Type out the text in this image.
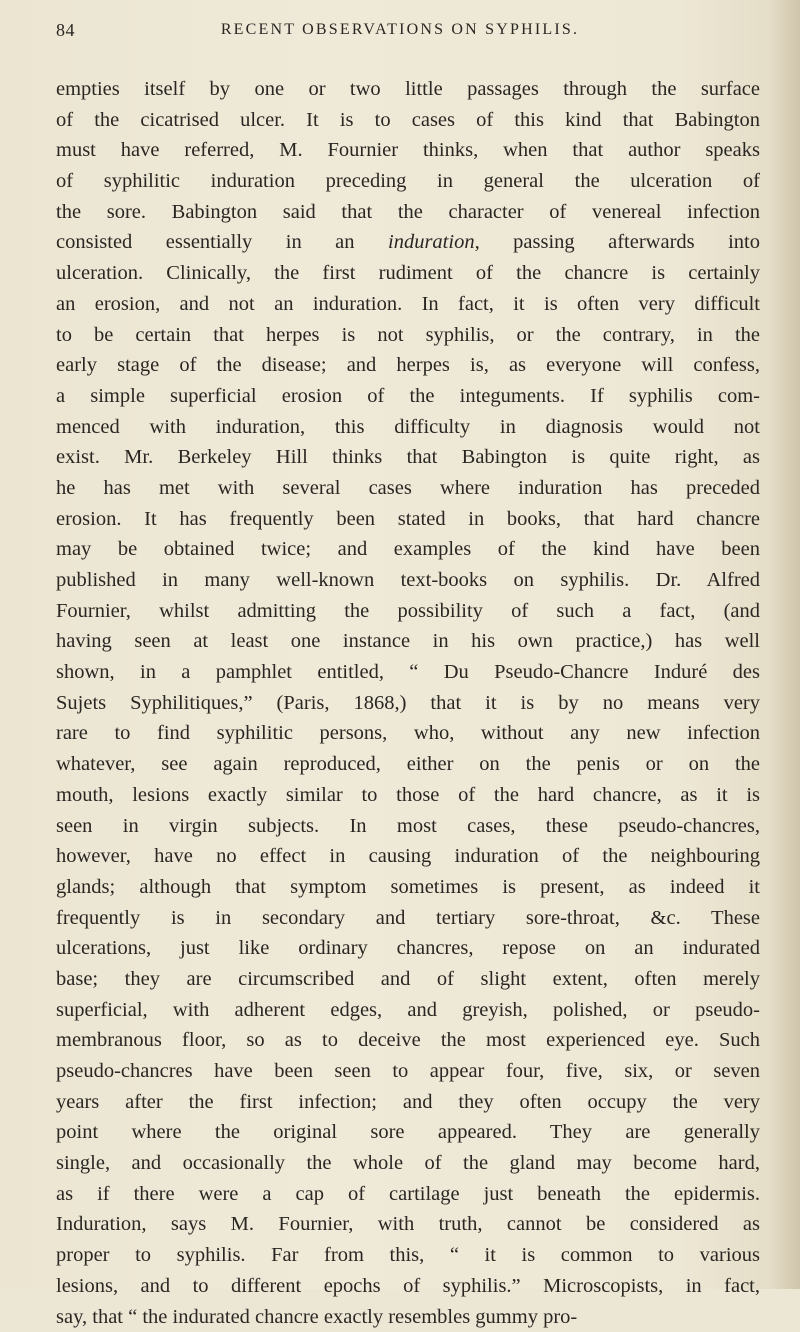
84	RECENT OBSERVATIONS ON SYPHILIS.
empties itself by one or two little passages through the surface
of the cicatrised ulcer. It is to cases of this kind that Babington
must have referred, M. Fournier thinks, when that author speaks
of syphilitic induration preceding in general the ulceration of
the sore. Babington said that the character of venereal infection
consisted essentially in an induration, passing afterwards into
ulceration. Clinically, the first rudiment of the chancre is certainly
an erosion, and not an induration. In fact, it is often very difficult
to be certain that herpes is not syphilis, or the contrary, in the
early stage of the disease; and herpes is, as everyone will confess,
a simple superficial erosion of the integuments. If syphilis com-
menced with induration, this difficulty in diagnosis would not
exist. Mr. Berkeley Hill thinks that Babington is quite right, as
he has met with several cases where induration has preceded
erosion. It has frequently been stated in books, that hard chancre
may be obtained twice; and examples of the kind have been
published in many well-known text-books on syphilis. Dr. Alfred
Fournier, whilst admitting the possibility of such a fact, (and
having seen at least one instance in his own practice,) has well
shown, in a pamphlet entitled, “ Du Pseudo-Chancre Induré des
Sujets Syphilitiques,” (Paris, 1868,) that it is by no means very
rare to find syphilitic persons, who, without any new infection
whatever, see again reproduced, either on the penis or on the
mouth, lesions exactly similar to those of the hard chancre, as it is
seen in virgin subjects. In most cases, these pseudo-chancres,
however, have no effect in causing induration of the neighbouring
glands; although that symptom sometimes is present, as indeed it
frequently is in secondary and tertiary sore-throat, &c. These
ulcerations, just like ordinary chancres, repose on an indurated
base; they are circumscribed and of slight extent, often merely
superficial, with adherent edges, and greyish, polished, or pseudo-
membranous floor, so as to deceive the most experienced eye. Such
pseudo-chancres have been seen to appear four, five, six, or seven
years after the first infection; and they often occupy the very
point where the original sore appeared. They are generally
single, and occasionally the whole of the gland may become hard,
as if there were a cap of cartilage just beneath the epidermis.
Induration, says M. Fournier, with truth, cannot be considered as
proper to syphilis. Far from this, “ it is common to various
lesions, and to different epochs of syphilis.” Microscopists, in fact,
say, that “ the indurated chancre exactly resembles gummy pro-
